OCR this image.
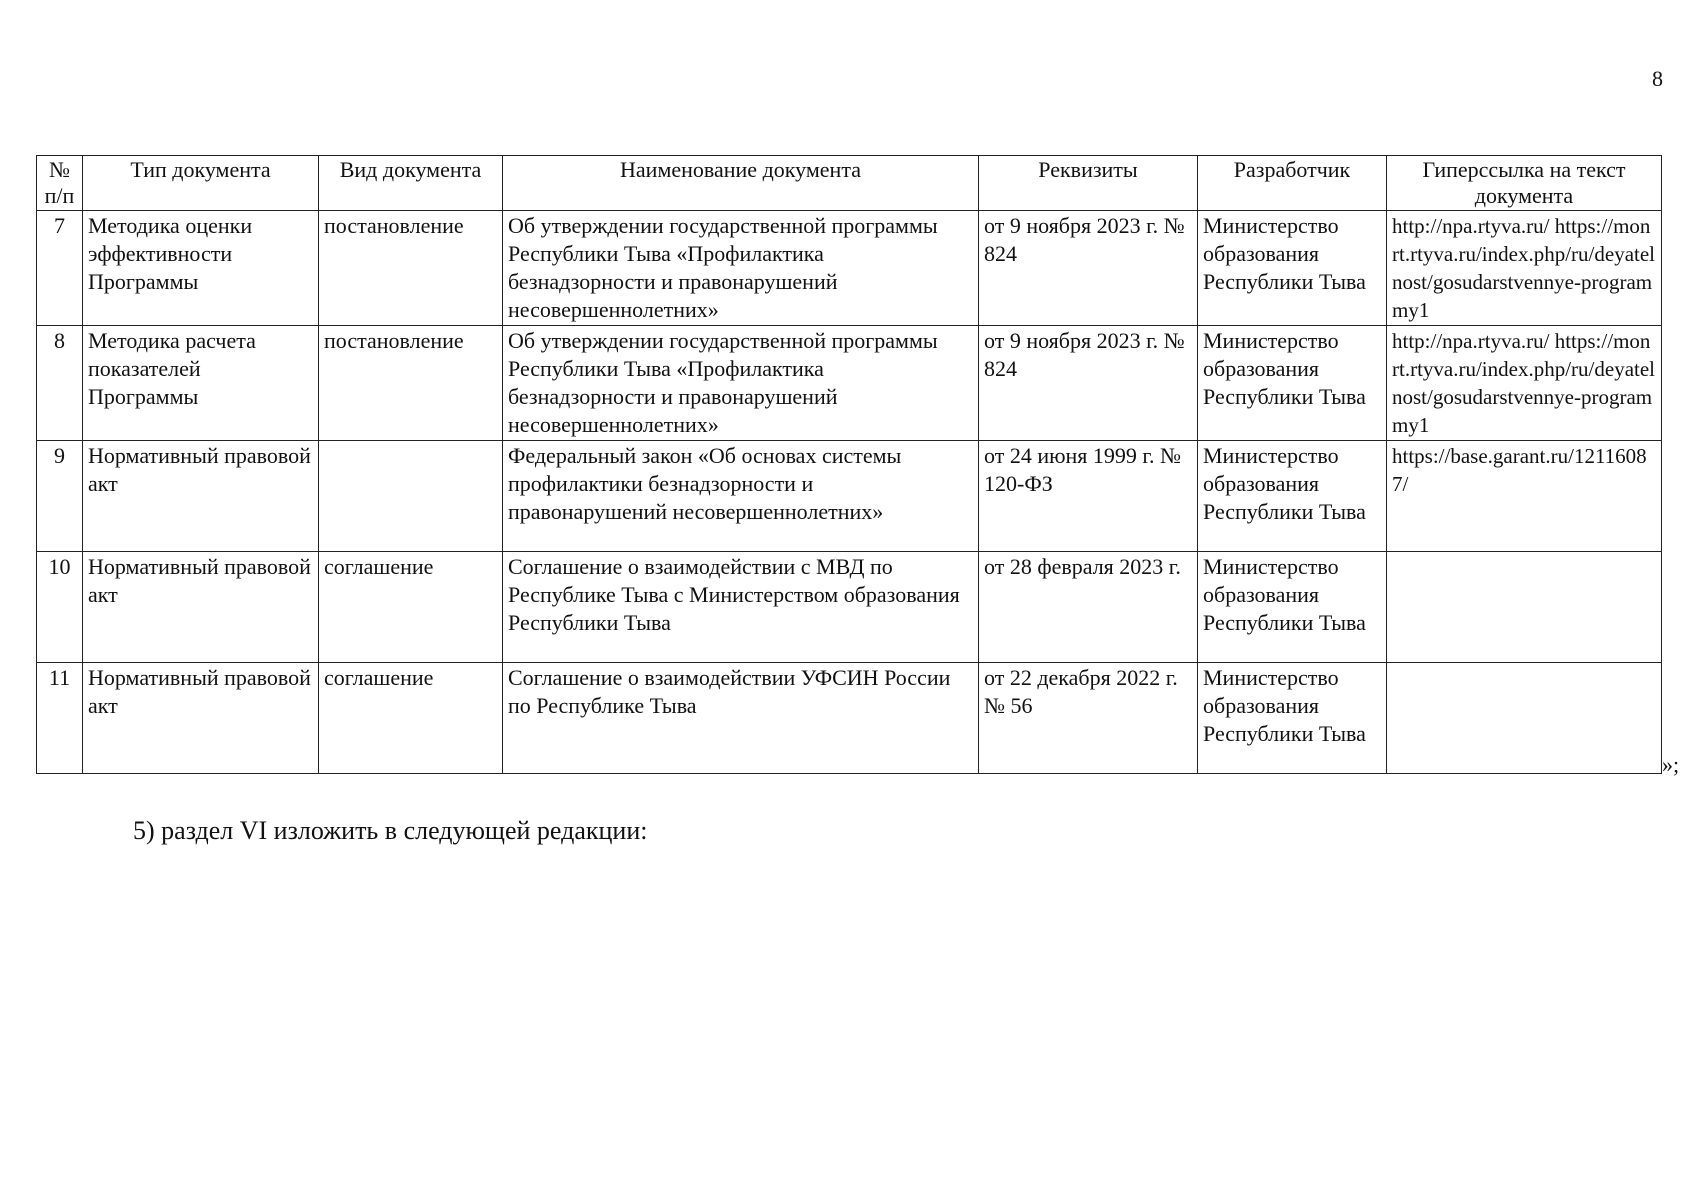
8
№ п/п	Тип документа	Вид документа	Наименование документа	Реквизиты	Разработчик	Гиперссылка на текст документа
7	Методика оценки эффективности Программы	постановление	Об утверждении государственной программы Республики Тыва «Профилактика безнадзорности и правонарушений несовершеннолетних»	от 9 ноября 2023 г. № 824	Министерство образования Республики Тыва	http://npa.rtyva.ru/ https://monrt.rtyva.ru/index.php/ru/deyatelnost/gosudarstvennye-programmy1
8	Методика расчета показателей Программы	постановление	Об утверждении государственной программы Республики Тыва «Профилактика безнадзорности и правонарушений несовершеннолетних»	от 9 ноября 2023 г. № 824	Министерство образования Республики Тыва	http://npa.rtyva.ru/ https://monrt.rtyva.ru/index.php/ru/deyatelnost/gosudarstvennye-programmy1
9	Нормативный правовой акт		Федеральный закон «Об основах системы профилактики безнадзорности и правонарушений несовершеннолетних»	от 24 июня 1999 г. № 120-ФЗ	Министерство образования Республики Тыва	https://base.garant.ru/12116087/
10	Нормативный правовой акт	соглашение	Соглашение о взаимодействии с МВД по Республике Тыва с Министерством образования Республики Тыва	от 28 февраля 2023 г.	Министерство образования Республики Тыва	
11	Нормативный правовой акт	соглашение	Соглашение о взаимодействии УФСИН России по Республике Тыва	от 22 декабря 2022 г. № 56	Министерство образования Республики Тыва	
»;
5) раздел VI изложить в следующей редакции:
